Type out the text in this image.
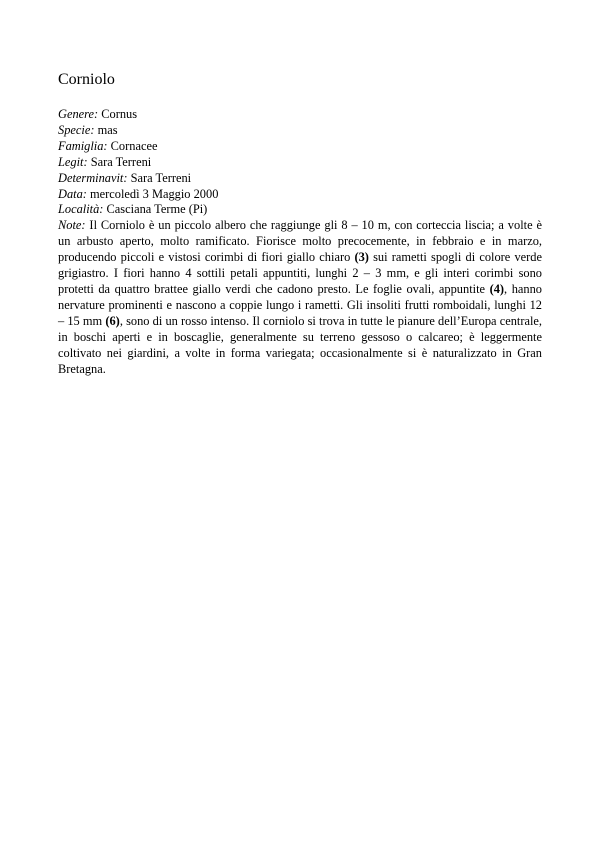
Corniolo

Genere: Cornus

Specie: mas

Famiglia: Cornacee

Legit: Sara Terreni

Determinavit: Sara Terreni

Data: mercoledì 3 Maggio 2000

Località: Casciana Terme (Pi)

Note: Il Corniolo è un piccolo albero che raggiunge gli 8 – 10 m, con corteccia liscia; a volte è un arbusto aperto, molto ramificato. Fiorisce molto precocemente, in febbraio e in marzo, producendo piccoli e vistosi corimbi di fiori giallo chiaro (3) sui rametti spogli di colore verde grigiastro. I fiori hanno 4 sottili petali appuntiti, lunghi 2 – 3 mm, e gli interi corimbi sono protetti da quattro brattee giallo verdi che cadono presto. Le foglie ovali, appuntite (4), hanno nervature prominenti e nascono a coppie lungo i rametti. Gli insoliti frutti romboidali, lunghi 12 – 15 mm (6), sono di un rosso intenso. Il corniolo si trova in tutte le pianure dell’Europa centrale, in boschi aperti e in boscaglie, generalmente su terreno gessoso o calcareo; è leggermente coltivato nei giardini, a volte in forma variegata; occasionalmente si è naturalizzato in Gran Bretagna.
